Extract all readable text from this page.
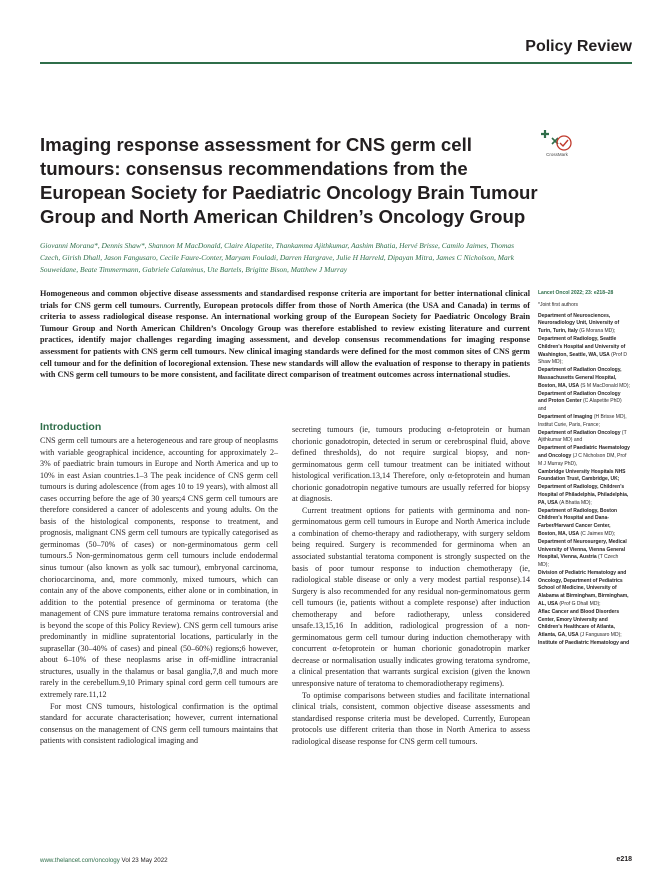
Policy Review
Imaging response assessment for CNS germ cell tumours: consensus recommendations from the European Society for Paediatric Oncology Brain Tumour Group and North American Children’s Oncology Group
CrossMark

Giovanni Morana*, Dennis Shaw*, Shannon M MacDonald, Claire Alapetite, Thankamma Ajithkumar, Aashim Bhatia, Hervé Brisse, Camilo Jaimes, Thomas Czech, Girish Dhall, Jason Fangusaro, Cecile Faure-Conter, Maryam Fouladi, Darren Hargrave, Julie H Harreld, Dipayan Mitra, James C Nicholson, Mark Souweidane, Beate Timmermann, Gabriele Calaminus, Ute Bartels, Brigitte Bison, Matthew J Murray

Homogeneous and common objective disease assessments and standardised response criteria are important for better international clinical trials for CNS germ cell tumours. Currently, European protocols differ from those of North America (the USA and Canada) in terms of criteria to assess radiological disease response. An international working group of the European Society for Paediatric Oncology Brain Tumour Group and North American Children’s Oncology Group was therefore established to review existing literature and current practices, identify major challenges regarding imaging assessment, and develop consensus recommendations for imaging response assessment for patients with CNS germ cell tumours. New clinical imaging standards were defined for the most common sites of CNS germ cell tumour and for the definition of locoregional extension. These new standards will allow the evaluation of response to therapy in patients with CNS germ cell tumours to be more consistent, and facilitate direct comparison of treatment outcomes across international studies.

Lancet Oncol 2022; 23: e218–28
*Joint first authors

Department of Neurosciences, Neuroradiology Unit, University of Turin, Turin, Italy (G Morana MD);

Department of Radiology, Seattle Children’s Hospital and University of Washington, Seattle, WA, USA (Prof D Shaw MD);

Department of Radiation Oncology, Massachusetts General Hospital, Boston, MA, USA (S M MacDonald MD);

Department of Radiation Oncology and Proton Center (C Alapetite PhD) and

Department of Imaging (H Brisse MD), Institut Curie, Paris, France;

Department of Radiation Oncology (T Ajithkumar MD) and

Department of Paediatric Haematology and Oncology (J C Nicholson DM, Prof M J Murray PhD),

Cambridge University Hospitals NHS Foundation Trust, Cambridge, UK;

Department of Radiology, Children’s Hospital of Philadelphia, Philadelphia, PA, USA (A Bhatia MD);

Department of Radiology, Boston Children’s Hospital and Dana-Farber/Harvard Cancer Center, Boston, MA, USA (C Jaimes MD);

Department of Neurosurgery, Medical University of Vienna, Vienna General Hospital, Vienna, Austria (T Czech MD);

Division of Pediatric Hematology and Oncology, Department of Pediatrics School of Medicine, University of Alabama at Birmingham, Birmingham, AL, USA (Prof G Dhall MD);

Aflac Cancer and Blood Disorders Center, Emory University and Children’s Healthcare of Atlanta, Atlanta, GA, USA (J Fangusaro MD);

Institute of Paediatric Hematology and

Introduction

CNS germ cell tumours are a heterogeneous and rare group of neoplasms with variable geographical incidence, accounting for approximately 2–3% of paediatric brain tumours in Europe and North America and up to 10% in east Asian countries.1–3 The peak incidence of CNS germ cell tumours is during adolescence (from ages 10 to 19 years), with almost all cases occurring before the age of 30 years;4 CNS germ cell tumours are therefore considered a cancer of adolescents and young adults. On the basis of the histological components, response to treatment, and prognosis, malignant CNS germ cell tumours are typically categorised as germinomas (50–70% of cases) or non-germinomatous germ cell tumours.5 Non-germinomatous germ cell tumours include endodermal sinus tumour (also known as yolk sac tumour), embryonal carcinoma, choriocarcinoma, and, more commonly, mixed tumours, which can contain any of the above components, either alone or in combination, in addition to the potential presence of germinoma or teratoma (the management of CNS pure immature teratoma remains controversial and is beyond the scope of this Policy Review). CNS germ cell tumours arise predominantly in midline supratentorial locations, particularly in the suprasellar (30–40% of cases) and pineal (50–60%) regions;6 however, about 6–10% of these neoplasms arise in off-midline intracranial structures, usually in the thalamus or basal ganglia,7,8 and much more rarely in the cerebellum.9,10 Primary spinal cord germ cell tumours are extremely rare.11,12

For most CNS tumours, histological confirmation is the optimal standard for accurate characterisation; however, current international consensus on the management of CNS germ cell tumours maintains that patients with consistent radiological imaging and

secreting tumours (ie, tumours producing α-fetoprotein or human chorionic gonadotropin, detected in serum or cerebrospinal fluid, above defined thresholds), do not require surgical biopsy, and non-germinomatous germ cell tumour treatment can be initiated without histological verification.13,14 Therefore, only α-fetoprotein and human chorionic gonadotropin negative tumours are usually referred for biopsy at diagnosis.

Current treatment options for patients with germinoma and non-germinomatous germ cell tumours in Europe and North America include a combination of chemo-therapy and radiotherapy, with surgery seldom being required. Surgery is recommended for germinoma when an associated substantial teratoma component is strongly suspected on the basis of poor tumour response to induction chemotherapy (ie, radiological stable disease or only a very modest partial response).14 Surgery is also recommended for any residual non-germinomatous germ cell tumours (ie, patients without a complete response) after induction chemotherapy and before radiotherapy, unless considered unsafe.13,15,16 In addition, radiological progression of a non-germinomatous germ cell tumour during induction chemotherapy with concurrent α-fetoprotein or human chorionic gonadotropin marker decrease or normalisation usually indicates growing teratoma syndrome, a clinical presentation that warrants surgical excision (given the known unresponsive nature of teratoma to chemoradiotherapy regimens).

To optimise comparisons between studies and facilitate international clinical trials, consistent, common objective disease assessments and standardised response criteria must be developed. Currently, European protocols use different criteria than those in North America to assess radiological disease response for CNS germ cell tumours.

www.thelancet.com/oncology Vol 23 May 2022	e218
